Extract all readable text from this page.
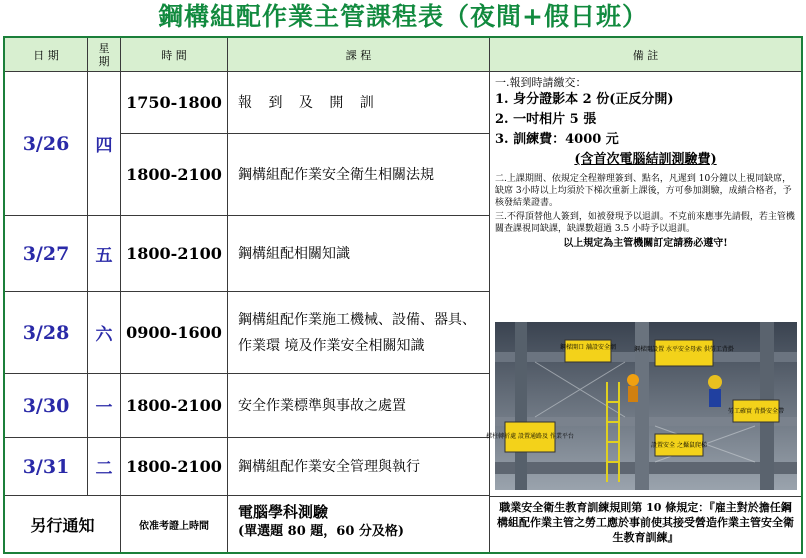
鋼構組配作業主管課程表（夜間+假日班）
日 期
星期	時 間	課 程	備 註
3/26	四
1750-1800	報 到 及 開 訓
1800-2100	鋼構組配作業安全衛生相關法規
3/27	五 1800-2100	鋼構組配相關知識
3/28	六 0900-1600
鋼構組配作業施工機械、設備、器具、作業環 境及作業安全相關知識
3/30	一 1800-2100	安全作業標準與事故之處置
3/31	二 1800-2100	鋼構組配作業安全管理與執行
另行通知	依准考證上時間
電腦學科測驗
(單選題 80 題，60 分及格)
一.報到時請繳交：
1. 身分證影本 2 份(正反分開)
2. 一吋相片 5 張
3. 訓練費：4000 元
(含首次電腦結訓測驗費)
二.上課期間、依規定全程辦理簽到、點名，凡遲到 10分鐘以上視同缺席，缺席 3小時以上均須於下梯次重新上課後，方可參加測驗，成績合格者，予核發結業證書。
三.不得頂替他人簽到，如被發現予以退訓。不克前來應事先請假，若主管機關查課視同缺課，缺課數超過 3.5 小時予以退訓。
以上規定為主管機關訂定請務必遵守!
鋼樑開口 舖設安全網	鋼樑開設置 水平安全母索 供勞工背掛
勞工確實 背掛安全帶
樑柱轉折處 設置通路及 作業平台
設置安全 之攝鼠爬梯
職業安全衛生教育訓練規則第 10 條規定：『雇主對於擔任鋼構組配作業主管之勞工應於事前使其接受營造作業主管安全衛生教育訓練』
